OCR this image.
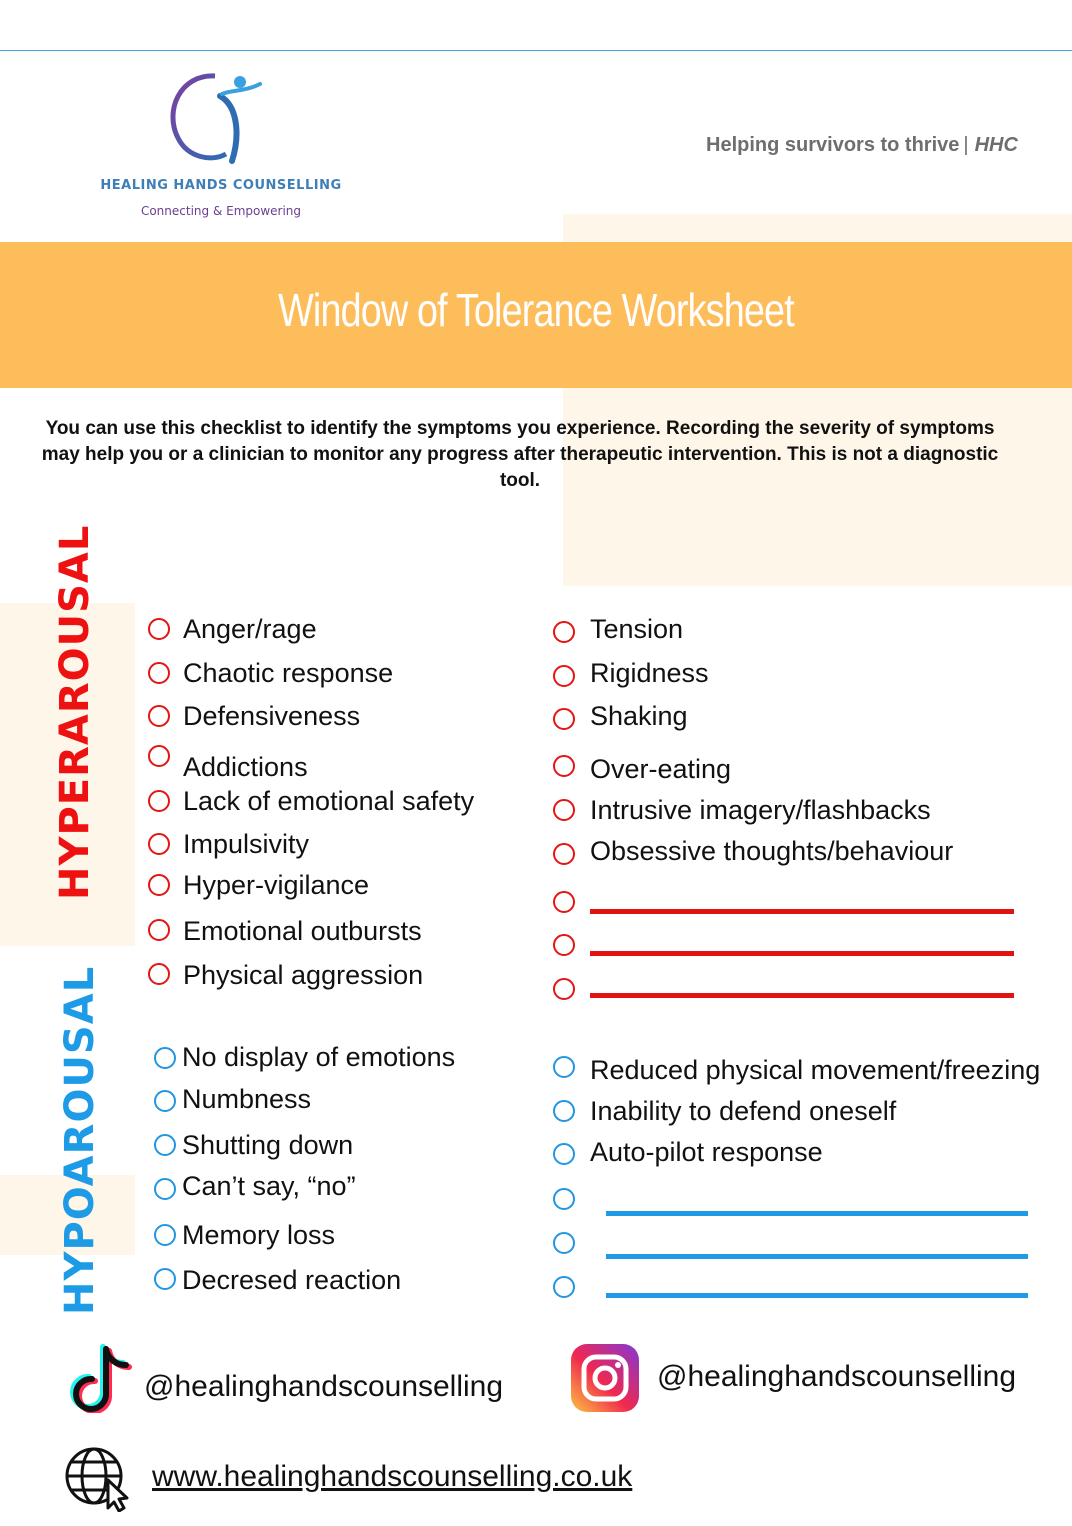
HEALING HANDS COUNSELLING
Connecting & Empowering
Helping survivors to thrive | HHC
Window of Tolerance Worksheet
You can use this checklist to identify the symptoms you experience. Recording the severity of symptoms may help you or a clinician to monitor any progress after therapeutic intervention. This is not a diagnostic tool.
HYPERAROUSAL
HYPOAROUSAL
Anger/rage
Chaotic response
Defensiveness
Addictions
Lack of emotional safety
Impulsivity
Hyper-vigilance
Emotional outbursts
Physical aggression
Tension
Rigidness
Shaking
Over-eating
Intrusive imagery/flashbacks
Obsessive thoughts/behaviour
No display of emotions
Numbness
Shutting down
Can’t say, “no”
Memory loss
Decresed reaction
Reduced physical movement/freezing
Inability to defend oneself
Auto-pilot response
@healinghandscounselling	@healinghandscounselling
www.healinghandscounselling.co.uk
